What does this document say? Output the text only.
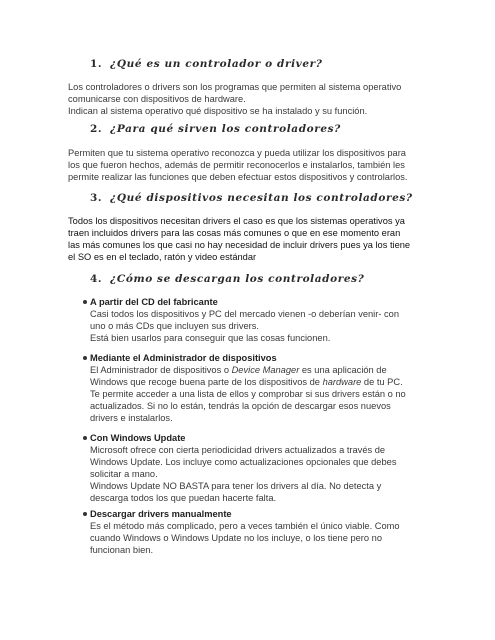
1. ¿Qué es un controlador o driver?
Los controladores o drivers son los programas que permiten al sistema operativo
comunicarse con dispositivos de hardware.
Indican al sistema operativo qué dispositivo se ha instalado y su función.
2. ¿Para qué sirven los controladores?
Permiten que tu sistema operativo reconozca y pueda utilizar los dispositivos para
los que fueron hechos, además de permitir reconocerlos e instalarlos, también les
permite realizar las funciones que deben efectuar estos dispositivos y controlarlos.
3. ¿Qué dispositivos necesitan los controladores?
Todos los dispositivos necesitan drivers el caso es que los sistemas operativos ya
traen incluidos drivers para las cosas más comunes o que en ese momento eran
las más comunes los que casi no hay necesidad de incluir drivers pues ya los tiene
el SO es en el teclado, ratón y video estándar
4. ¿Cómo se descargan los controladores?
A partir del CD del fabricante
Casi todos los dispositivos y PC del mercado vienen -o deberían venir- con
uno o más CDs que incluyen sus drivers.
Está bien usarlos para conseguir que las cosas funcionen.
Mediante el Administrador de dispositivos
El Administrador de dispositivos o Device Manager es una aplicación de
Windows que recoge buena parte de los dispositivos de hardware de tu PC.
Te permite acceder a una lista de ellos y comprobar si sus drivers están o no
actualizados. Si no lo están, tendrás la opción de descargar esos nuevos
drivers e instalarlos.
Con Windows Update
Microsoft ofrece con cierta periodicidad drivers actualizados a través de
Windows Update. Los incluye como actualizaciones opcionales que debes
solicitar a mano.
Windows Update NO BASTA para tener los drivers al día. No detecta y
descarga todos los que puedan hacerte falta.
Descargar drivers manualmente
Es el método más complicado, pero a veces también el único viable. Como
cuando Windows o Windows Update no los incluye, o los tiene pero no
funcionan bien.
